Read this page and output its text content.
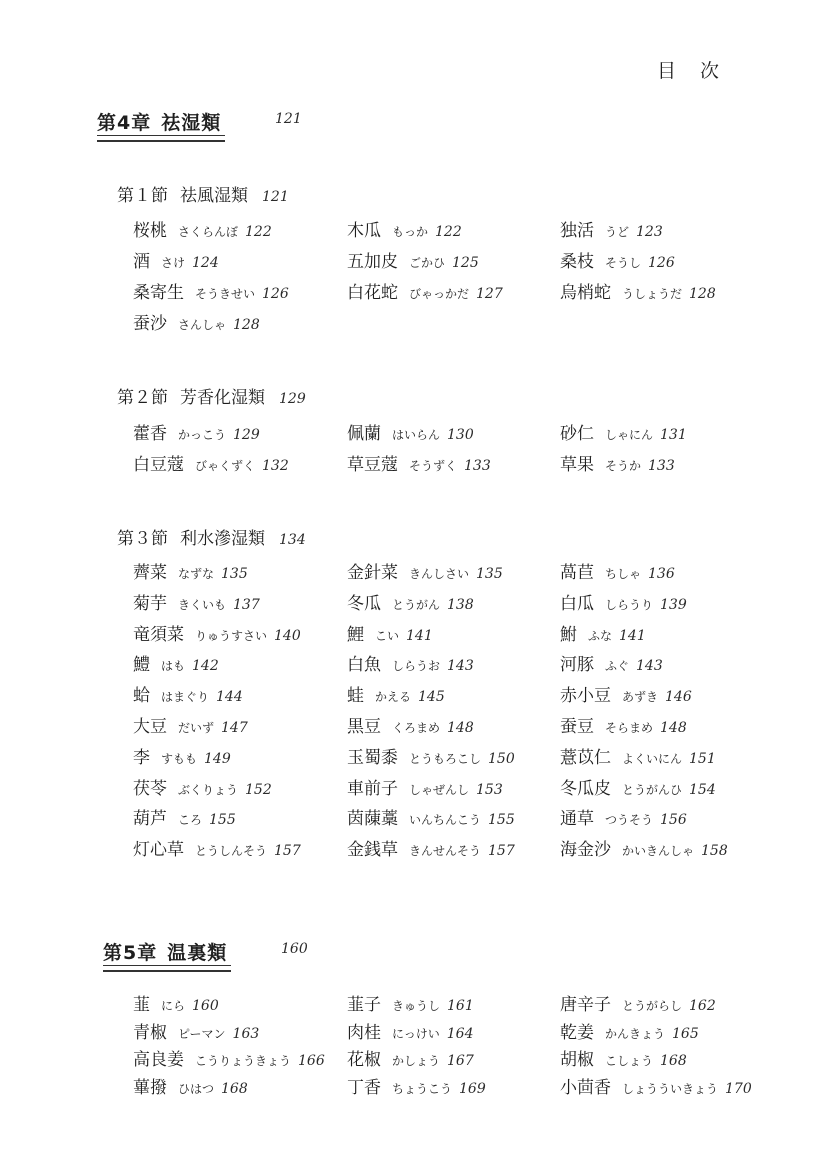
目次
第4章 祛湿類	121
第１節 祛風湿類 121
第２節 芳香化湿類 129
第３節 利水滲湿類 134
第5章 温裏類	160
桜桃 さくらんぼ 122	木瓜 もっか 122	独活 うど 123
酒 さけ 124	五加皮 ごかひ 125	桑枝 そうし 126
桑寄生 そうきせい 126	白花蛇 びゃっかだ 127	烏梢蛇 うしょうだ 128
蚕沙 さんしゃ 128
藿香 かっこう 129	佩蘭 はいらん 130	砂仁 しゃにん 131
白豆蔻 びゃくずく 132	草豆蔻 そうずく 133	草果 そうか 133
薺菜 なずな 135	金針菜 きんしさい 135	萵苣 ちしゃ 136
菊芋 きくいも 137	冬瓜 とうがん 138	白瓜 しらうり 139
竜須菜 りゅうすさい 140	鯉 こい 141	鮒 ふな 141
鱧 はも 142	白魚 しらうお 143	河豚 ふぐ 143
蛤 はまぐり 144	蛙 かえる 145	赤小豆 あずき 146
大豆 だいず 147	黒豆 くろまめ 148	蚕豆 そらまめ 148
李 すもも 149	玉蜀黍 とうもろこし 150	薏苡仁 よくいにん 151
茯苓 ぶくりょう 152	車前子 しゃぜんし 153	冬瓜皮 とうがんひ 154
葫芦 ころ 155	茵蔯藁 いんちんこう 155	通草 つうそう 156
灯心草 とうしんそう 157	金銭草 きんせんそう 157	海金沙 かいきんしゃ 158
韮 にら 160	韮子 きゅうし 161	唐辛子 とうがらし 162
青椒 ピーマン 163	肉桂 にっけい 164	乾姜 かんきょう 165
高良姜 こうりょうきょう 166 花椒 かしょう 167	胡椒 こしょう 168
蓽撥 ひはつ 168	丁香 ちょうこう 169	小茴香 しょうういきょう 170
